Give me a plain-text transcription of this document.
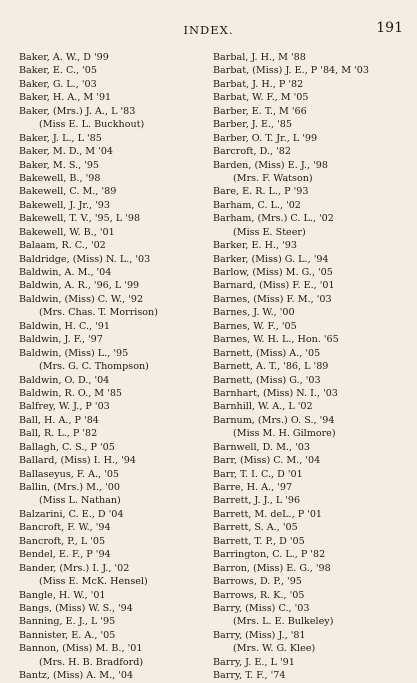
INDEX.	191
Baker, A. W., D '99
Baker, E. C., '05
Baker, G. L., '03
Baker, H. A., M '91
Baker, (Mrs.) J. A., L '83
(Miss E. L. Buckhout)
Baker, J. L., L '85
Baker, M. D., M '04
Baker, M. S., '95
Bakewell, B., '98
Bakewell, C. M., '89
Bakewell, J. Jr., '93
Bakewell, T. V., '95, L '98
Bakewell, W. B., '01
Balaam, R. C., '02
Baldridge, (Miss) N. L., '03
Baldwin, A. M., '04
Baldwin, A. R., '96, L '99
Baldwin, (Miss) C. W., '92
(Mrs. Chas. T. Morrison)
Baldwin, H. C., '91
Baldwin, J. F., '97
Baldwin, (Miss) L., '95
(Mrs. G. C. Thompson)
Baldwin, O. D., '04
Baldwin, R. O., M '85
Balfrey, W. J., P '03
Ball, H. A., P '84
Ball, R. L., P '82
Ballagh, C. S., P '05
Ballard, (Miss) I. H., '94
Ballaseyus, F. A., '05
Ballin, (Mrs.) M., '00
(Miss L. Nathan)
Balzarini, C. E., D '04
Bancroft, F. W., '94
Bancroft, P., L '05
Bendel, E. F., P '94
Bander, (Mrs.) I. J., '02
(Miss E. McK. Hensel)
Bangle, H. W., '01
Bangs, (Miss) W. S., '94
Banning, E. J., L '95
Bannister, E. A., '05
Bannon, (Miss) M. B., '01
(Mrs. H. B. Bradford)
Bantz, (Miss) A. M., '04
Barbal, J. H., M '88
Barbat, (Miss) J. E., P '84, M '03
Barbat, J. H., P '82
Barbat, W. F., M '05
Barber, E. T., M '66
Barber, J. E., '85
Barber, O. T. Jr., L '99
Barcroft, D., '82
Barden, (Miss) E. J., '98
(Mrs. F. Watson)
Bare, E. R. L., P '93
Barham, C. L., '02
Barham, (Mrs.) C. L., '02
(Miss E. Steer)
Barker, E. H., '93
Barker, (Miss) G. L., '94
Barlow, (Miss) M. G., '05
Barnard, (Miss) F. E., '01
Barnes, (Miss) F. M., '03
Barnes, J. W., '00
Barnes, W. F., '05
Barnes, W. H. L., Hon. '65
Barnett, (Miss) A., '05
Barnett, A. T., '86, L '89
Barnett, (Miss) G., '03
Barnhart, (Miss) N. I., '03
Barnhill, W. A., L '02
Barnum, (Mrs.) O. S., '94
(Miss M. H. Gilmore)
Barnwell, D. M., '03
Barr, (Miss) C. M., '04
Barr, T. I. C., D '01
Barre, H. A., '97
Barrett, J. J., L '96
Barrett, M. deL., P '01
Barrett, S. A., '05
Barrett, T. P., D '05
Barrington, C. L., P '82
Barron, (Miss) E. G., '98
Barrows, D. P., '95
Barrows, R. K., '05
Barry, (Miss) C., '03
(Mrs. L. E. Bulkeley)
Barry, (Miss) J., '81
(Mrs. W. G. Klee)
Barry, J. E., L '91
Barry, T. F., '74
